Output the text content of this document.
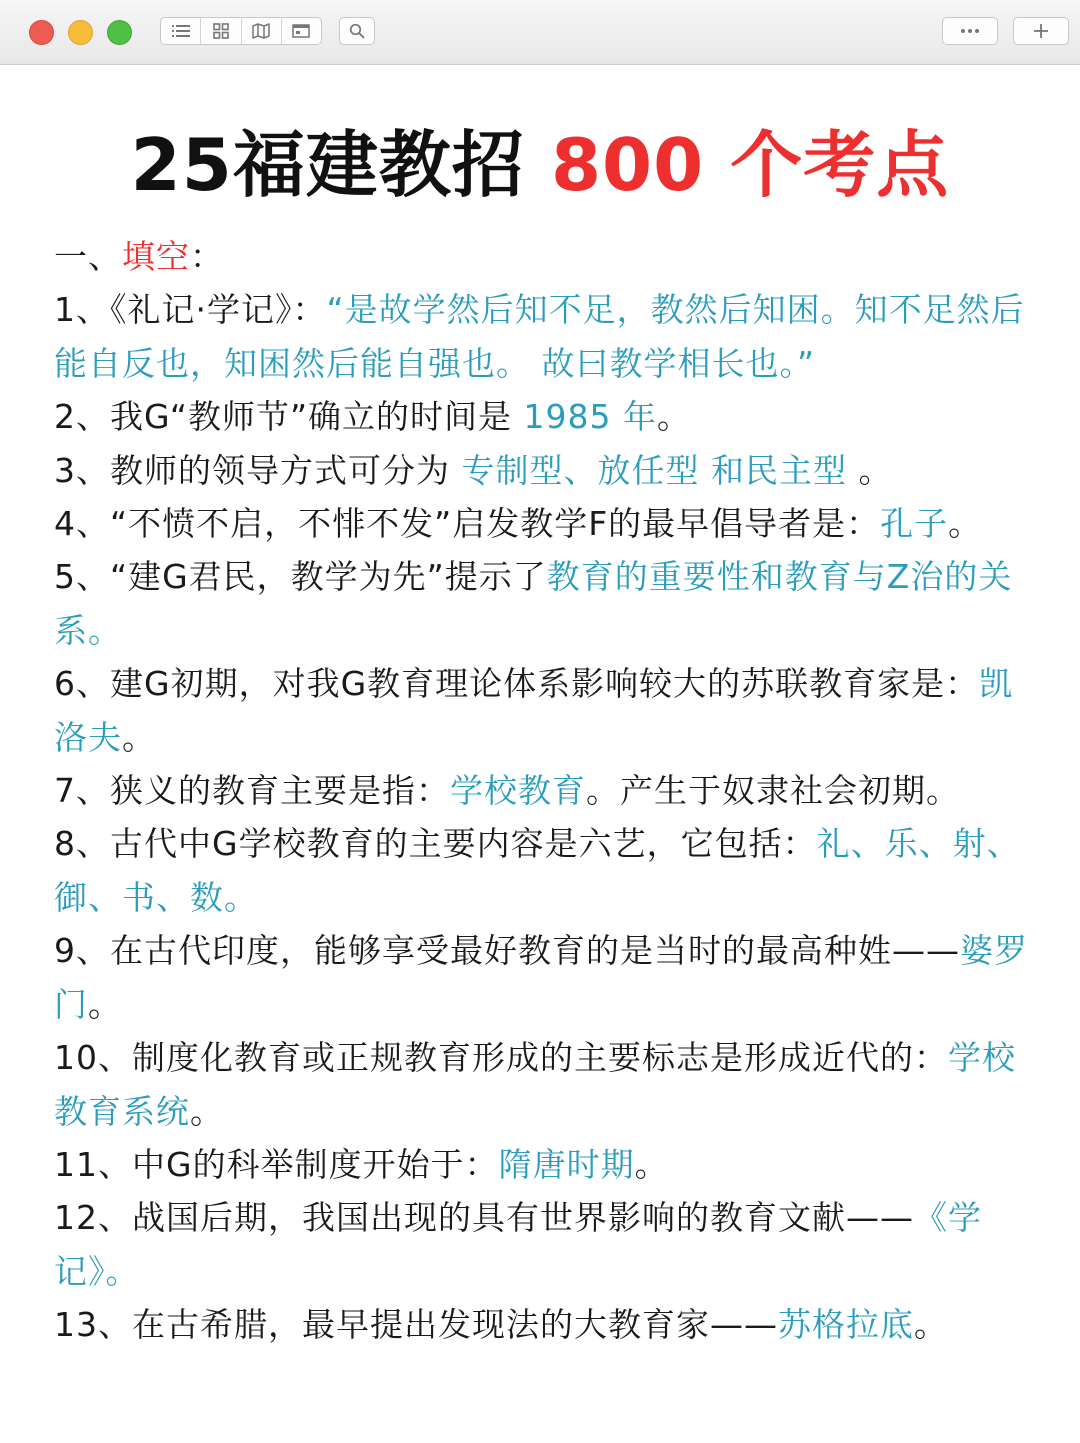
25福建教招 800 个考点

一、填空：

1、《礼记·学记》：“是故学然后知不足，教然后知困。知不足然后能自反也，知困然后能自强也。 故曰教学相长也。”

2、我G“教师节”确立的时间是 1985 年。

3、教师的领导方式可分为 专制型、放任型 和民主型 。

4、“不愤不启，不悱不发”启发教学F的最早倡导者是：孔子。

5、“建G君民，教学为先”提示了教育的重要性和教育与Z治的关系。

6、建G初期，对我G教育理论体系影响较大的苏联教育家是：凯洛夫。

7、狭义的教育主要是指：学校教育。产生于奴隶社会初期。

8、古代中G学校教育的主要内容是六艺，它包括：礼、乐、射、御、书、数。

9、在古代印度，能够享受最好教育的是当时的最高种姓——婆罗门。

10、制度化教育或正规教育形成的主要标志是形成近代的：学校教育系统。

11、中G的科举制度开始于：隋唐时期。

12、战国后期，我国出现的具有世界影响的教育文献——《学记》。

13、在古希腊，最早提出发现法的大教育家——苏格拉底。
